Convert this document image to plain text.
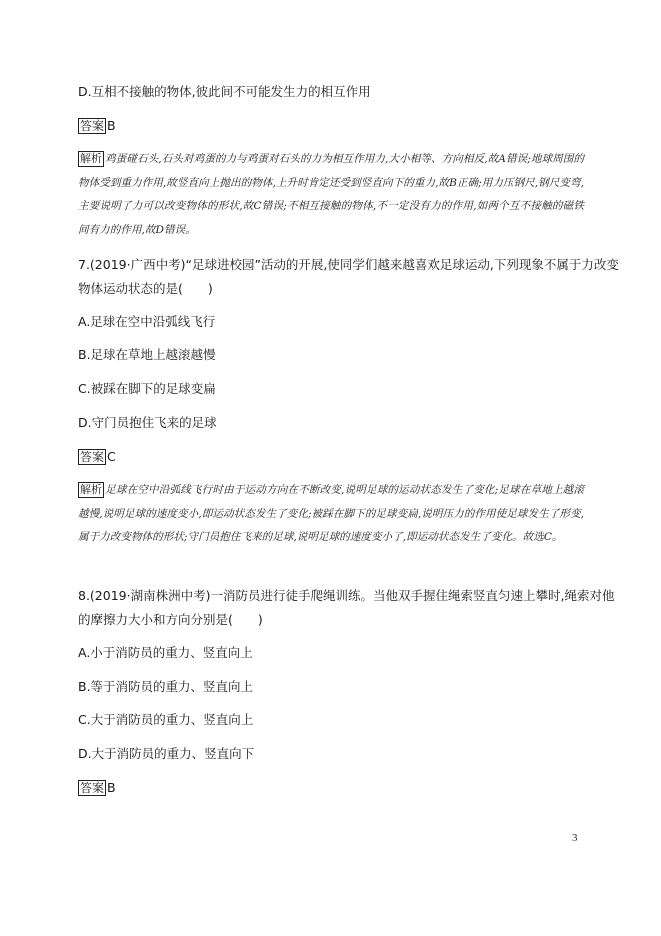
D.互相不接触的物体,彼此间不可能发生力的相互作用
答案 B
解析 鸡蛋碰石头,石头对鸡蛋的力与鸡蛋对石头的力为相互作用力,大小相等、方向相反,故A错误;地球周围的物体受到重力作用,故竖直向上抛出的物体,上升时肯定还受到竖直向下的重力,故B正确;用力压钢尺,钢尺变弯,主要说明了力可以改变物体的形状,故C错误;不相互接触的物体,不一定没有力的作用,如两个互不接触的磁铁间有力的作用,故D错误。
7.(2019·广西中考)“足球进校园”活动的开展,使同学们越来越喜欢足球运动,下列现象不属于力改变
物体运动状态的是(　　)
A.足球在空中沿弧线飞行
B.足球在草地上越滚越慢
C.被踩在脚下的足球变扁
D.守门员抱住飞来的足球
答案 C
解析 足球在空中沿弧线飞行时由于运动方向在不断改变,说明足球的运动状态发生了变化;足球在草地上越滚越慢,说明足球的速度变小,即运动状态发生了变化;被踩在脚下的足球变扁,说明压力的作用使足球发生了形变,属于力改变物体的形状;守门员抱住飞来的足球,说明足球的速度变小了,即运动状态发生了变化。故选C。
8.(2019·湖南株洲中考)一消防员进行徒手爬绳训练。当他双手握住绳索竖直匀速上攀时,绳索对他
的摩擦力大小和方向分别是(　　)
A.小于消防员的重力、竖直向上
B.等于消防员的重力、竖直向上
C.大于消防员的重力、竖直向上
D.大于消防员的重力、竖直向下
答案 B
3
